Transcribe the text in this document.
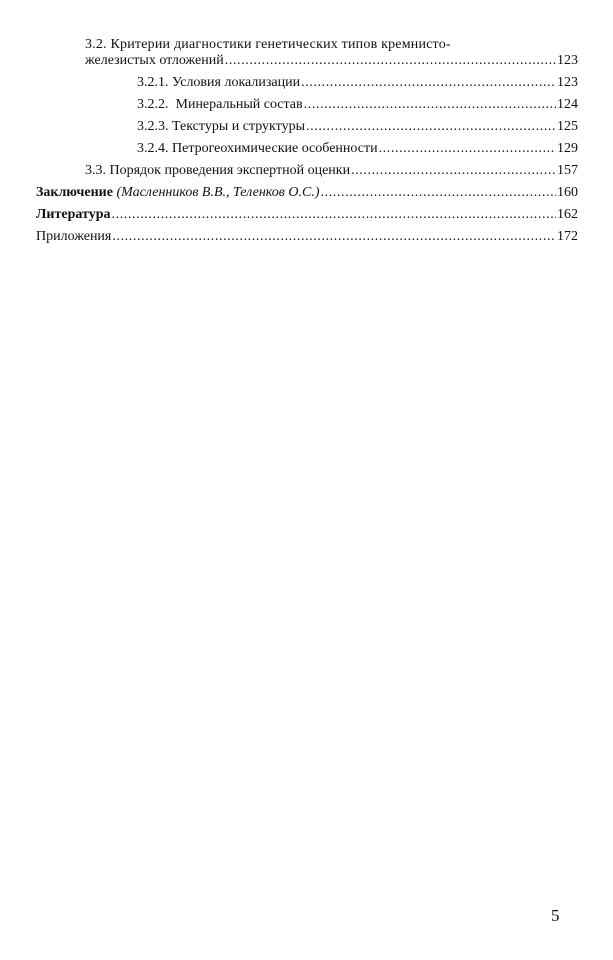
3.2. Критерии диагностики генетических типов кремнисто-
железистых отложений .....	123
3.2.1. Условия локализации .....	123
3.2.2.  Минеральный состав .....	124
3.2.3. Текстуры и структуры .....	125
3.2.4. Петрогеохимические особенности .....	129
3.3. Порядок проведения экспертной оценки .....	157
Заключение (Масленников В.В., Теленков О.С.) .....	160
Литература .....	162
Приложения .....	172
5
